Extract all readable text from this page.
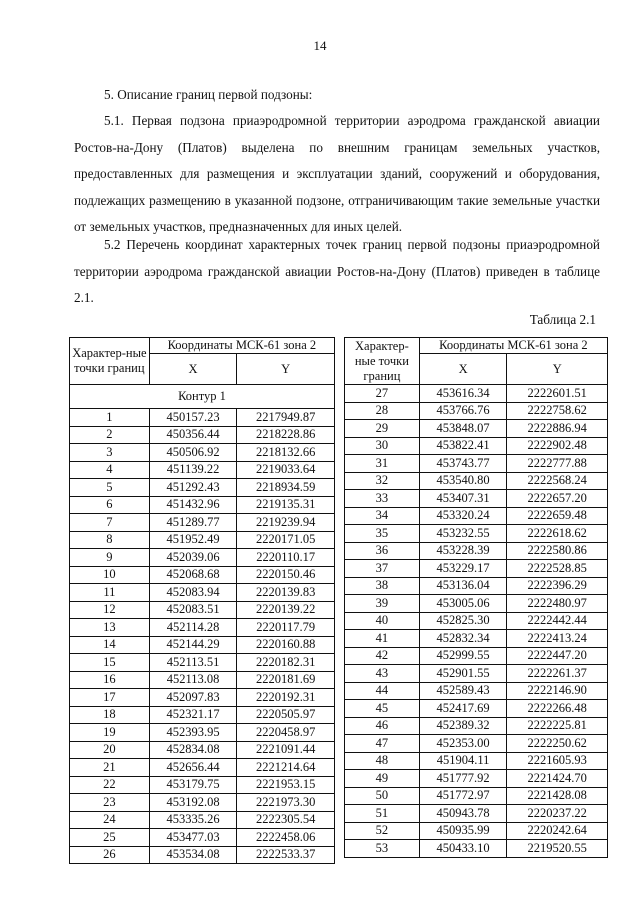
14
5. Описание границ первой подзоны:
5.1. Первая подзона приаэродромной территории аэродрома гражданской авиации Ростов-на-Дону (Платов) выделена по внешним границам земельных участков, предоставленных для размещения и эксплуатации зданий, сооружений и оборудования, подлежащих размещению в указанной подзоне, отграничивающим такие земельные участки от земельных участков, предназначенных для иных целей.
5.2 Перечень координат характерных точек границ первой подзоны приаэродромной территории аэродрома гражданской авиации Ростов-на-Дону (Платов) приведен в таблице 2.1.
Таблица 2.1
Характер-ные точки границ	Координаты МСК-61 зона 2	
	X	Y
Контур 1		
1	450157.23	2217949.87
2	450356.44	2218228.86
3	450506.92	2218132.66
4	451139.22	2219033.64
5	451292.43	2218934.59
6	451432.96	2219135.31
7	451289.77	2219239.94
8	451952.49	2220171.05
9	452039.06	2220110.17
10	452068.68	2220150.46
11	452083.94	2220139.83
12	452083.51	2220139.22
13	452114.28	2220117.79
14	452144.29	2220160.88
15	452113.51	2220182.31
16	452113.08	2220181.69
17	452097.83	2220192.31
18	452321.17	2220505.97
19	452393.95	2220458.97
20	452834.08	2221091.44
21	452656.44	2221214.64
22	453179.75	2221953.15
23	453192.08	2221973.30
24	453335.26	2222305.54
25	453477.03	2222458.06
26	453534.08	2222533.37
Характер-ные точки границ	Координаты МСК-61 зона 2	
	X	Y
27	453616.34	2222601.51
28	453766.76	2222758.62
29	453848.07	2222886.94
30	453822.41	2222902.48
31	453743.77	2222777.88
32	453540.80	2222568.24
33	453407.31	2222657.20
34	453320.24	2222659.48
35	453232.55	2222618.62
36	453228.39	2222580.86
37	453229.17	2222528.85
38	453136.04	2222396.29
39	453005.06	2222480.97
40	452825.30	2222442.44
41	452832.34	2222413.24
42	452999.55	2222447.20
43	452901.55	2222261.37
44	452589.43	2222146.90
45	452417.69	2222266.48
46	452389.32	2222225.81
47	452353.00	2222250.62
48	451904.11	2221605.93
49	451777.92	2221424.70
50	451772.97	2221428.08
51	450943.78	2220237.22
52	450935.99	2220242.64
53	450433.10	2219520.55
